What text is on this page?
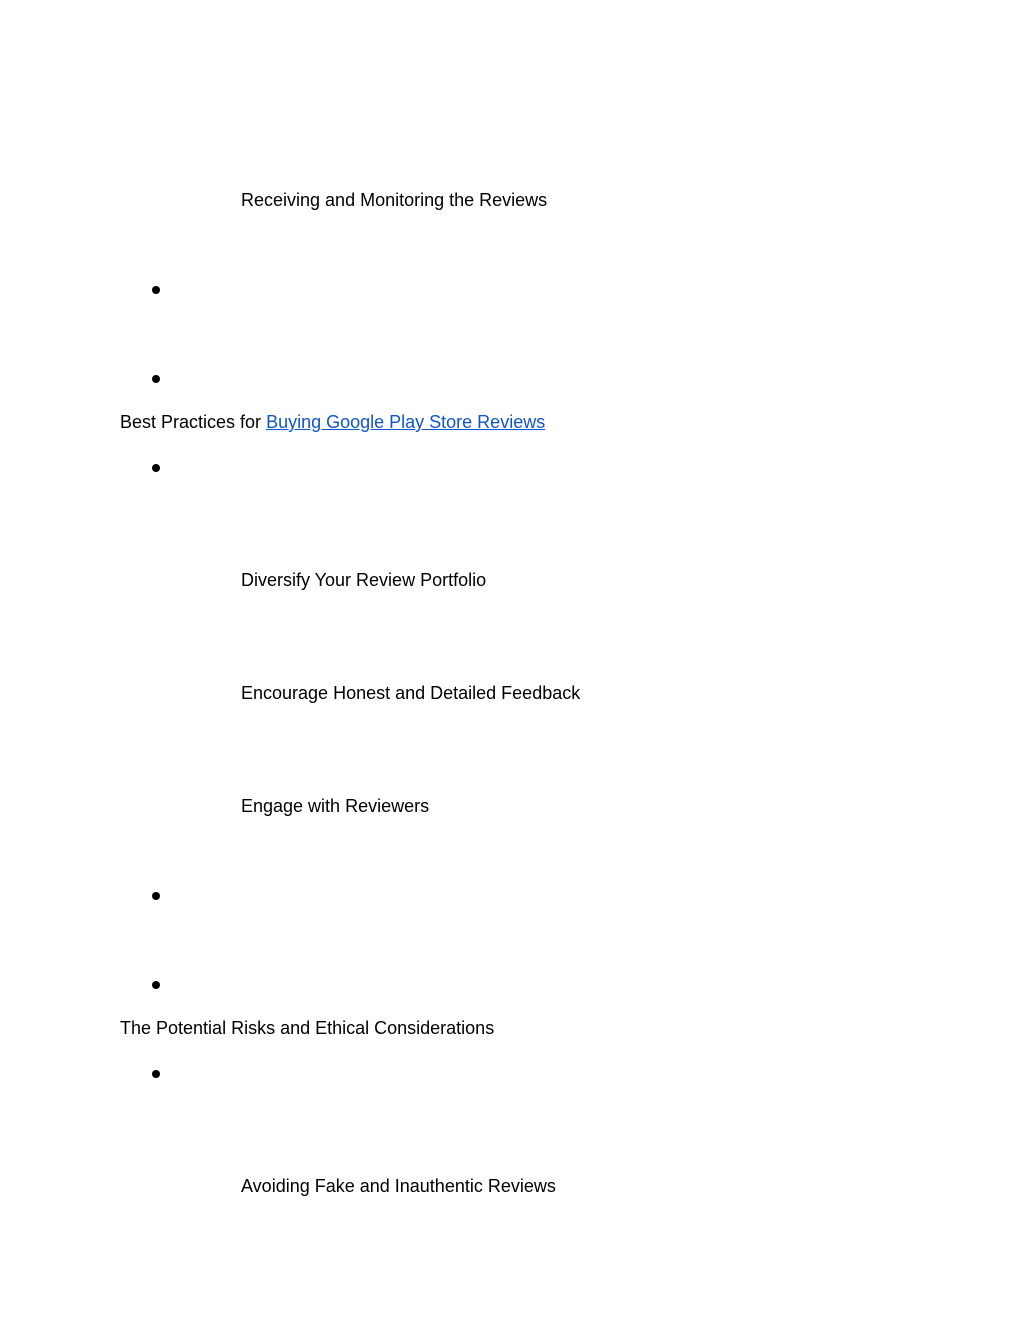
Receiving and Monitoring the Reviews
Best Practices for Buying Google Play Store Reviews
Diversify Your Review Portfolio
Encourage Honest and Detailed Feedback
Engage with Reviewers
The Potential Risks and Ethical Considerations
Avoiding Fake and Inauthentic Reviews
